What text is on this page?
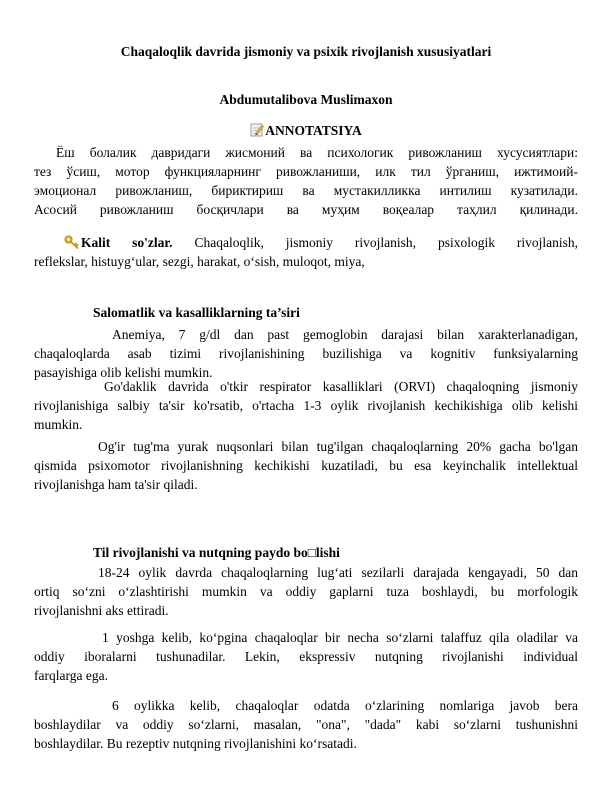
Chaqaloqlik davrida jismoniy va psixik rivojlanish xususiyatlari
Abdumutalibova Muslimaxon
ANNOTATSIYA
Ёш болалик давридаги жисмоний ва психологик ривожланиш хусусиятлари:
тез ўсиш, мотор функцияларнинг ривожланиши, илк тил ўрганиш, ижтимоий-
эмоционал ривожланиш, бириктириш ва мустакилликка интилиш кузатилади.
Асосий ривожланиш босқичлари ва муҳим воқеалар таҳлил қилинади.
Kalit so'zlar. Chaqaloqlik, jismoniy rivojlanish, psixologik rivojlanish,
reflekslar, histuyg‘ular, sezgi, harakat, o‘sish, muloqot, miya,
Salomatlik va kasalliklarning ta’siri
Anemiya, 7 g/dl dan past gemoglobin darajasi bilan xarakterlanadigan,
chaqaloqlarda asab tizimi rivojlanishining buzilishiga va kognitiv funksiyalarning
pasayishiga olib kelishi mumkin.
Go'daklik davrida o'tkir respirator kasalliklari (ORVI) chaqaloqning jismoniy
rivojlanishiga salbiy ta'sir ko'rsatib, o'rtacha 1-3 oylik rivojlanish kechikishiga olib kelishi
mumkin.
Og'ir tug'ma yurak nuqsonlari bilan tug'ilgan chaqaloqlarning 20% gacha bo'lgan
qismida psixomotor rivojlanishning kechikishi kuzatiladi, bu esa keyinchalik intellektual
rivojlanishga ham ta'sir qiladi.
Til rivojlanishi va nutqning paydo bo□lishi
18-24 oylik davrda chaqaloqlarning lug‘ati sezilarli darajada kengayadi, 50 dan
ortiq so‘zni o‘zlashtirishi mumkin va oddiy gaplarni tuza boshlaydi, bu morfologik
rivojlanishni aks ettiradi.
1 yoshga kelib, ko‘pgina chaqaloqlar bir necha so‘zlarni talaffuz qila oladilar va
oddiy iboralarni tushunadilar. Lekin, ekspressiv nutqning rivojlanishi individual
farqlarga ega.
6 oylikka kelib, chaqaloqlar odatda o‘zlarining nomlariga javob bera
boshlaydilar va oddiy so‘zlarni, masalan, "ona", "dada" kabi so‘zlarni tushunishni
boshlaydilar. Bu rezeptiv nutqning rivojlanishini ko‘rsatadi.
